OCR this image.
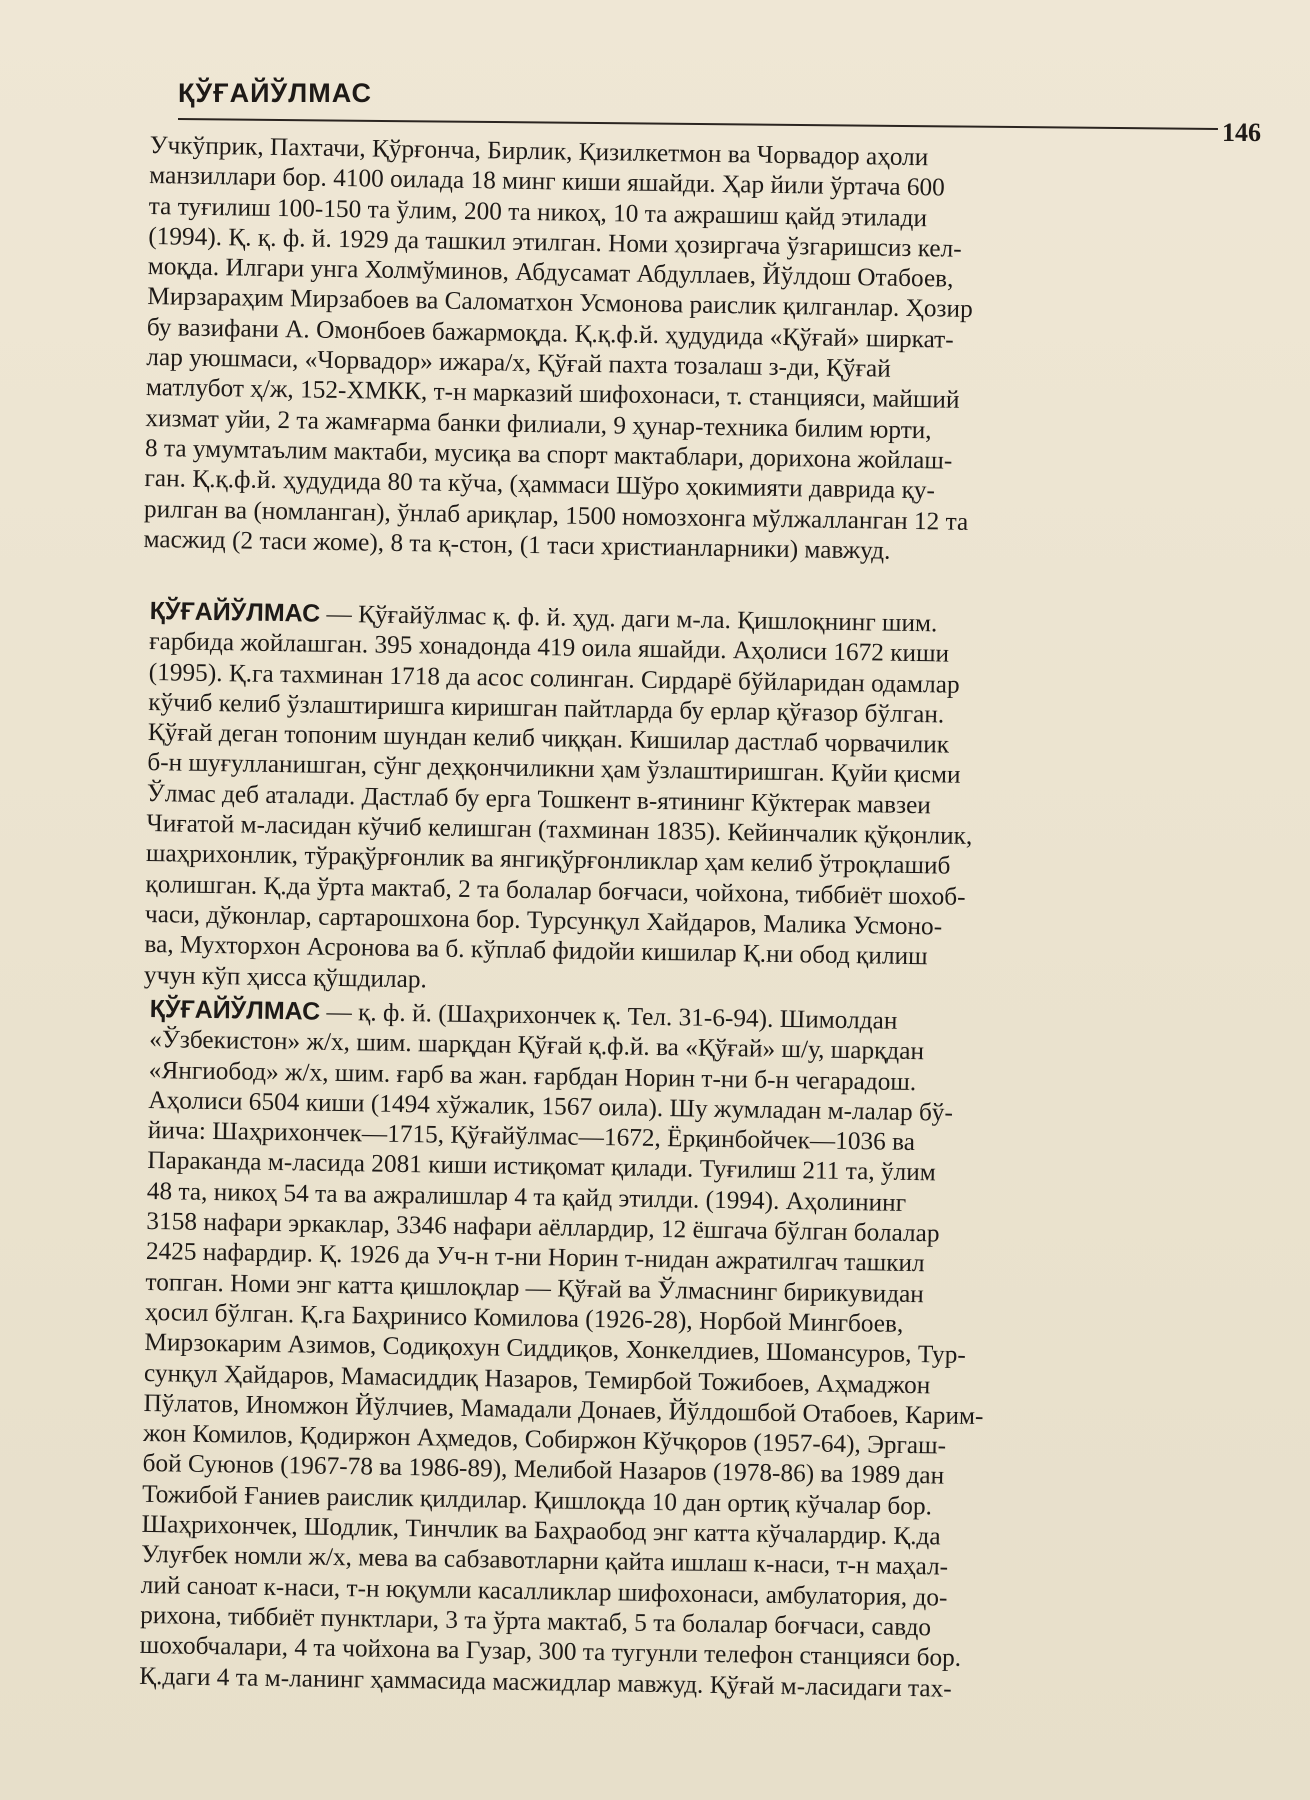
ҚЎҒАЙЎЛМАС
146
Учкўприк, Пахтачи, Қўрғонча, Бирлик, Қизилкетмон ва Чорвадор аҳоли
манзиллари бор. 4100 оилада 18 минг киши яшайди. Ҳар йили ўртача 600
та туғилиш 100-150 та ўлим, 200 та никоҳ, 10 та ажрашиш қайд этилади
(1994). Қ. қ. ф. й. 1929 да ташкил этилган. Номи ҳозиргача ўзгаришсиз кел-
моқда. Илгари унга Холмўминов, Абдусамат Абдуллаев, Йўлдош Отабоев,
Мирзараҳим Мирзабоев ва Саломатхон Усмонова раислик қилганлар. Ҳозир
бу вазифани А. Омонбоев бажармоқда. Қ.қ.ф.й. ҳудудида «Қўғай» ширкат-
лар уюшмаси, «Чорвадор» ижара/х, Қўғай пахта тозалаш з-ди, Қўғай
матлубот ҳ/ж, 152-ХМКК, т-н марказий шифохонаси, т. станцияси, майший
хизмат уйи, 2 та жамғарма банки филиали, 9 ҳунар-техника билим юрти,
8 та умумтаълим мактаби, мусиқа ва спорт мактаблари, дорихона жойлаш-
ган. Қ.қ.ф.й. ҳудудида 80 та кўча, (ҳаммаси Шўро ҳокимияти даврида қу-
рилган ва (номланган), ўнлаб ариқлар, 1500 номозхонга мўлжалланган 12 та
масжид (2 таси жоме), 8 та қ-стон, (1 таси христианларники) мавжуд.
ҚЎҒАЙЎЛМАС — Қўғайўлмас қ. ф. й. ҳуд. даги м-ла. Қишлоқнинг шим.
ғарбида жойлашган. 395 хонадонда 419 оила яшайди. Аҳолиси 1672 киши
(1995). Қ.га тахминан 1718 да асос солинган. Сирдарё бўйларидан одамлар
кўчиб келиб ўзлаштиришга киришган пайтларда бу ерлар қўғазор бўлган.
Қўғай деган топоним шундан келиб чиққан. Кишилар дастлаб чорвачилик
б-н шуғулланишган, сўнг деҳқончиликни ҳам ўзлаштиришган. Қуйи қисми
Ўлмас деб аталади. Дастлаб бу ерга Тошкент в-ятининг Кўктерак мавзеи
Чиғатой м-ласидан кўчиб келишган (тахминан 1835). Кейинчалик қўқонлик,
шаҳрихонлик, тўрақўрғонлик ва янгиқўрғонликлар ҳам келиб ўтроқлашиб
қолишган. Қ.да ўрта мактаб, 2 та болалар боғчаси, чойхона, тиббиёт шохоб-
часи, дўконлар, сартарошхона бор. Турсунқул Хайдаров, Малика Усмоно-
ва, Мухторхон Асронова ва б. кўплаб фидойи кишилар Қ.ни обод қилиш
учун кўп ҳисса қўшдилар.
ҚЎҒАЙЎЛМАС — қ. ф. й. (Шаҳрихончек қ. Тел. 31-6-94). Шимолдан
«Ўзбекистон» ж/х, шим. шарқдан Қўғай қ.ф.й. ва «Қўғай» ш/у, шарқдан
«Янгиобод» ж/х, шим. ғарб ва жан. ғарбдан Норин т-ни б-н чегарадош.
Аҳолиси 6504 киши (1494 хўжалик, 1567 оила). Шу жумладан м-лалар бў-
йича: Шаҳрихончек—1715, Қўғайўлмас—1672, Ёрқинбойчек—1036 ва
Параканда м-ласида 2081 киши истиқомат қилади. Туғилиш 211 та, ўлим
48 та, никоҳ 54 та ва ажралишлар 4 та қайд этилди. (1994). Аҳолининг
3158 нафари эркаклар, 3346 нафари аёллардир, 12 ёшгача бўлган болалар
2425 нафардир. Қ. 1926 да Уч-н т-ни Норин т-нидан ажратилгач ташкил
топган. Номи энг катта қишлоқлар — Қўғай ва Ўлмаснинг бирикувидан
ҳосил бўлган. Қ.га Баҳринисо Комилова (1926-28), Норбой Мингбоев,
Мирзокарим Азимов, Содиқохун Сиддиқов, Хонкелдиев, Шомансуров, Тур-
сунқул Ҳайдаров, Мамасиддиқ Назаров, Темирбой Тожибоев, Аҳмаджон
Пўлатов, Иномжон Йўлчиев, Мамадали Донаев, Йўлдошбой Отабоев, Карим-
жон Комилов, Қодиржон Аҳмедов, Собиржон Кўчқоров (1957-64), Эргаш-
бой Суюнов (1967-78 ва 1986-89), Мелибой Назаров (1978-86) ва 1989 дан
Тожибой Ғаниев раислик қилдилар. Қишлоқда 10 дан ортиқ кўчалар бор.
Шаҳрихончек, Шодлик, Тинчлик ва Баҳраобод энг катта кўчалардир. Қ.да
Улуғбек номли ж/х, мева ва сабзавотларни қайта ишлаш к-наси, т-н маҳал-
лий саноат к-наси, т-н юқумли касалликлар шифохонаси, амбулатория, до-
рихона, тиббиёт пунктлари, 3 та ўрта мактаб, 5 та болалар боғчаси, савдо
шохобчалари, 4 та чойхона ва Гузар, 300 та тугунли телефон станцияси бор.
Қ.даги 4 та м-ланинг ҳаммасида масжидлар мавжуд. Қўғай м-ласидаги тах-
